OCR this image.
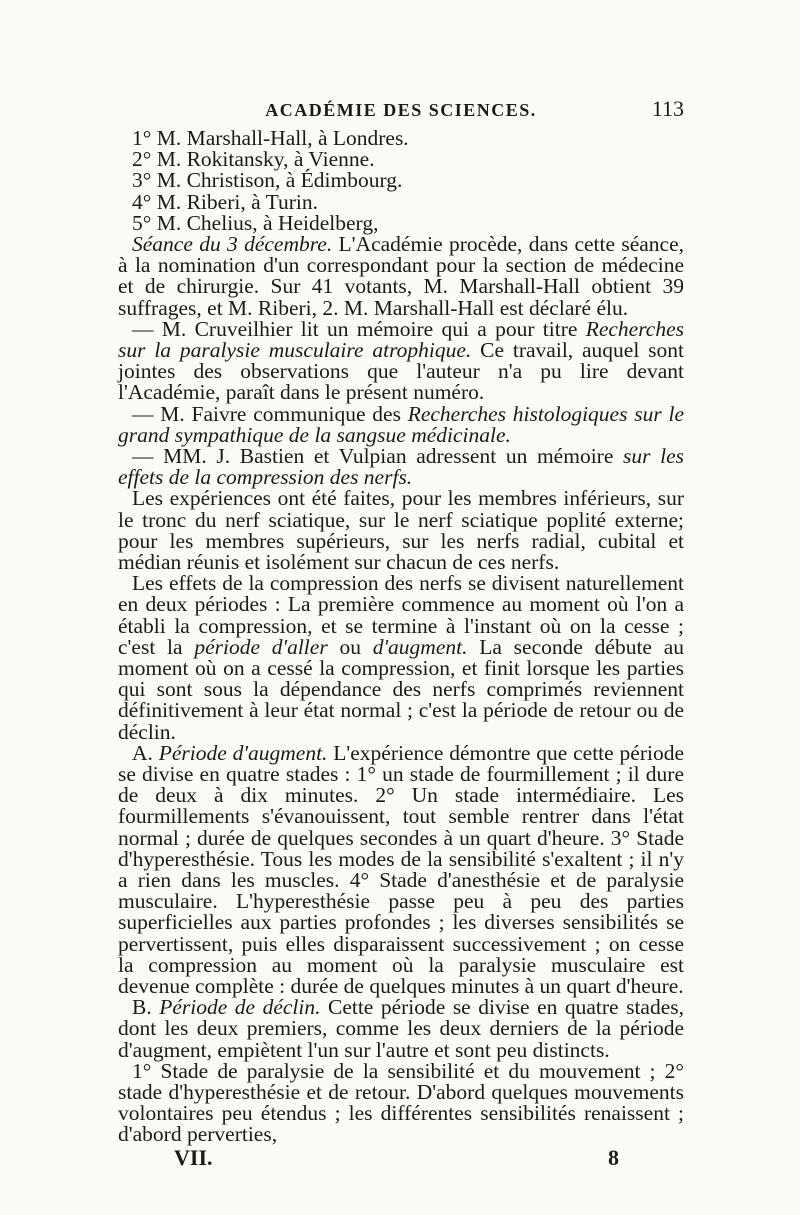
ACADÉMIE DES SCIENCES.	113
1° M. Marshall-Hall, à Londres.
2° M. Rokitansky, à Vienne.
3° M. Christison, à Édimbourg.
4° M. Riberi, à Turin.
5° M. Chelius, à Heidelberg,

Séance du 3 décembre. L'Académie procède, dans cette séance, à la nomination d'un correspondant pour la section de médecine et de chirurgie. Sur 41 votants, M. Marshall-Hall obtient 39 suffrages, et M. Riberi, 2. M. Marshall-Hall est déclaré élu.

— M. Cruveilhier lit un mémoire qui a pour titre Recherches sur la paralysie musculaire atrophique. Ce travail, auquel sont jointes des observations que l'auteur n'a pu lire devant l'Académie, paraît dans le présent numéro.

— M. Faivre communique des Recherches histologiques sur le grand sympathique de la sangsue médicinale.

— MM. J. Bastien et Vulpian adressent un mémoire sur les effets de la compression des nerfs.

Les expériences ont été faites, pour les membres inférieurs, sur le tronc du nerf sciatique, sur le nerf sciatique poplité externe; pour les membres supérieurs, sur les nerfs radial, cubital et médian réunis et isolément sur chacun de ces nerfs.

Les effets de la compression des nerfs se divisent naturellement en deux périodes : La première commence au moment où l'on a établi la compression, et se termine à l'instant où on la cesse ; c'est la période d'aller ou d'augment. La seconde débute au moment où on a cessé la compression, et finit lorsque les parties qui sont sous la dépendance des nerfs comprimés reviennent définitivement à leur état normal ; c'est la période de retour ou de déclin.

A. Période d'augment. L'expérience démontre que cette période se divise en quatre stades : 1° un stade de fourmillement ; il dure de deux à dix minutes. 2° Un stade intermédiaire. Les fourmillements s'évanouissent, tout semble rentrer dans l'état normal ; durée de quelques secondes à un quart d'heure. 3° Stade d'hyperesthésie. Tous les modes de la sensibilité s'exaltent ; il n'y a rien dans les muscles. 4° Stade d'anesthésie et de paralysie musculaire. L'hyperesthésie passe peu à peu des parties superficielles aux parties profondes ; les diverses sensibilités se pervertissent, puis elles disparaissent successivement ; on cesse la compression au moment où la paralysie musculaire est devenue complète : durée de quelques minutes à un quart d'heure.

B. Période de déclin. Cette période se divise en quatre stades, dont les deux premiers, comme les deux derniers de la période d'augment, empiètent l'un sur l'autre et sont peu distincts.

1° Stade de paralysie de la sensibilité et du mouvement ; 2° stade d'hyperesthésie et de retour. D'abord quelques mouvements volontaires peu étendus ; les différentes sensibilités renaissent ; d'abord perverties,

VII.	8
